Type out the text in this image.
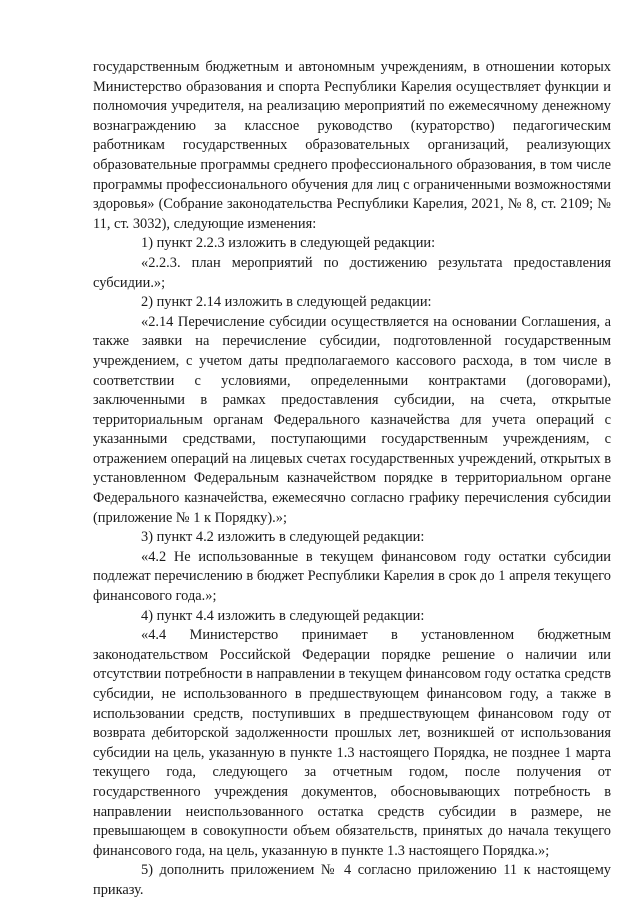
государственным бюджетным и автономным учреждениям, в отношении которых Министерство образования и спорта Республики Карелия осуществляет функции и полномочия учредителя, на реализацию мероприятий по ежемесячному денежному вознаграждению за классное руководство (кураторство) педагогическим работникам государственных образовательных организаций, реализующих образовательные программы среднего профессионального образования, в том числе программы профессионального обучения для лиц с ограниченными возможностями здоровья» (Собрание законодательства Республики Карелия, 2021, № 8, ст. 2109; № 11, ст. 3032), следующие изменения:

1) пункт 2.2.3 изложить в следующей редакции:

«2.2.3. план мероприятий по достижению результата предоставления субсидии.»;

2) пункт 2.14 изложить в следующей редакции:

«2.14 Перечисление субсидии осуществляется на основании Соглашения, а также заявки на перечисление субсидии, подготовленной государственным учреждением, с учетом даты предполагаемого кассового расхода, в том числе в соответствии с условиями, определенными контрактами (договорами), заключенными в рамках предоставления субсидии, на счета, открытые территориальным органам Федерального казначейства для учета операций с указанными средствами, поступающими государственным учреждениям, с отражением операций на лицевых счетах государственных учреждений, открытых в установленном Федеральным казначейством порядке в территориальном органе Федерального казначейства, ежемесячно согласно графику перечисления субсидии (приложение № 1 к Порядку).»;

3) пункт 4.2 изложить в следующей редакции:

«4.2 Не использованные в текущем финансовом году остатки субсидии подлежат перечислению в бюджет Республики Карелия в срок до 1 апреля текущего финансового года.»;

4) пункт 4.4 изложить в следующей редакции:

«4.4 Министерство принимает в установленном бюджетным законодательством Российской Федерации порядке решение о наличии или отсутствии потребности в направлении в текущем финансовом году остатка средств субсидии, не использованного в предшествующем финансовом году, а также в использовании средств, поступивших в предшествующем финансовом году от возврата дебиторской задолженности прошлых лет, возникшей от использования субсидии на цель, указанную в пункте 1.3 настоящего Порядка, не позднее 1 марта текущего года, следующего за отчетным годом, после получения от государственного учреждения документов, обосновывающих потребность в направлении неиспользованного остатка средств субсидии в размере, не превышающем в совокупности объем обязательств, принятых до начала текущего финансового года, на цель, указанную в пункте 1.3 настоящего Порядка.»;

5) дополнить приложением № 4 согласно приложению 11 к настоящему приказу.
